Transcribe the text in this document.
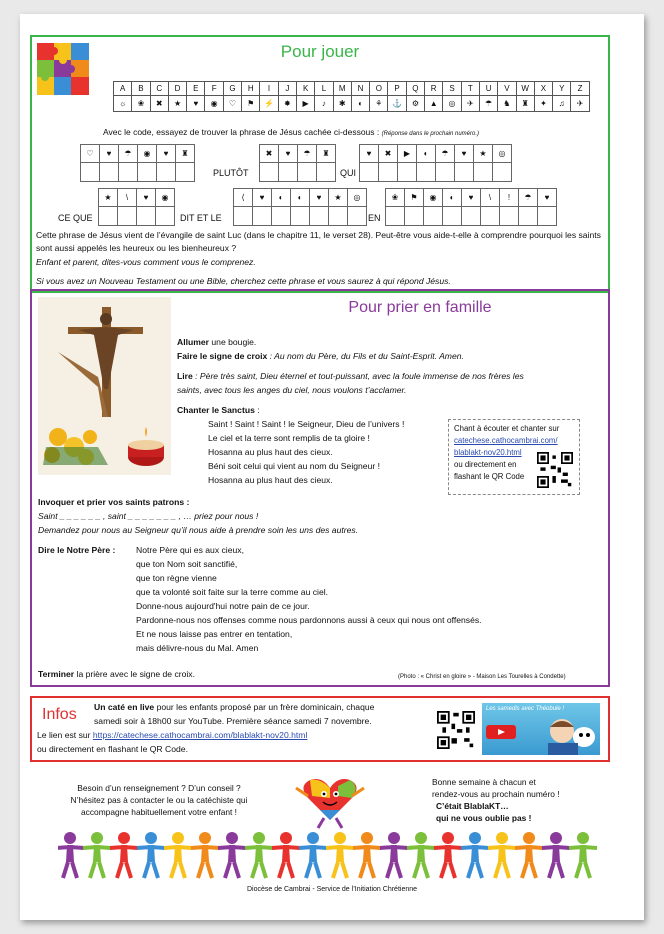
Pour jouer
A	B	C	D	E	F	G	H	I	J	K	L	M	N	O	P	Q	R	S	T	U	V	W	X	Y	Z
☼	❀	✖	★	♥	◉	♡	⚑	⚡	✸	▶	♪	✱	◐	⚘	⚓	⚙	▲	◎	✈	☂	♞	♜	✦	♫	✈
Avec le code, essayez de trouver la phrase de Jésus cachée ci-dessous : (Réponse dans le prochain numéro.)
♡	♥	☂	◉	♥	♜

PLUTÔT
✖	♥	☂	♜

QUI
♥	✖	▶	◐	☂	♥	★	◎

CE QUE
★	\	♥	◉

DIT ET LE
⟨	♥	◐	◐	♥	★	◎

EN
❀	⚑	◉	◐	♥	\	!	☂	♥

Cette phrase de Jésus vient de l’évangile de saint Luc (dans le chapitre 11, le verset 28). Peut-être vous aide-t-elle à comprendre pourquoi les saints sont aussi appelés les heureux ou les bienheureux ?
Enfant et parent, dites-vous comment vous le comprenez.
Si vous avez un Nouveau Testament ou une Bible, cherchez cette phrase et vous saurez à qui répond Jésus.
Pour prier en famille
Allumer une bougie.
Faire le signe de croix : Au nom du Père, du Fils et du Saint-Esprit. Amen.
Lire : Père très saint, Dieu éternel et tout-puissant, avec la foule immense de nos frères les
saints, avec tous les anges du ciel, nous voulons t’acclamer.
Chanter le Sanctus :
Saint ! Saint ! Saint ! le Seigneur, Dieu de l’univers !
Le ciel et la terre sont remplis de ta gloire !
Hosanna au plus haut des cieux.
Béni soit celui qui vient au nom du Seigneur !
Hosanna au plus haut des cieux.
Chant à écouter et chanter sur
catechese.cathocambrai.com/ blablakt-nov20.html
ou directement en flashant le QR Code
Invoquer et prier vos saints patrons :
Saint _ _ _ _ _ _ , saint _ _ _ _ _ _ _ , … priez pour nous !
Demandez pour nous au Seigneur qu’il nous aide à prendre soin les uns des autres.
Dire le Notre Père : Notre Père qui es aux cieux,
que ton Nom soit sanctifié,
que ton règne vienne
que ta volonté soit faite sur la terre comme au ciel.
Donne-nous aujourd'hui notre pain de ce jour.
Pardonne-nous nos offenses comme nous pardonnons aussi à ceux qui nous ont offensés.
Et ne nous laisse pas entrer en tentation,
mais délivre-nous du Mal. Amen
Terminer la prière avec le signe de croix.	(Photo : « Christ en gloire » - Maison Les Tourelles à Condette)
Infos Un caté en live pour les enfants proposé par un frère dominicain, chaque
samedi soir à 18h00 sur YouTube. Première séance samedi 7 novembre.
Le lien est sur https://catechese.cathocambrai.com/blablakt-nov20.html
ou directement en flashant le QR Code.
Les samedis avec Théobule !
Besoin d’un renseignement ? D’un conseil ?
N’hésitez pas à contacter le ou la catéchiste qui
accompagne habituellement votre enfant !
Bonne semaine à chacun et
rendez-vous au prochain numéro !
C’était BlablaKT…
qui ne vous oublie pas !
Diocèse de Cambrai - Service de l’Initiation Chrétienne
